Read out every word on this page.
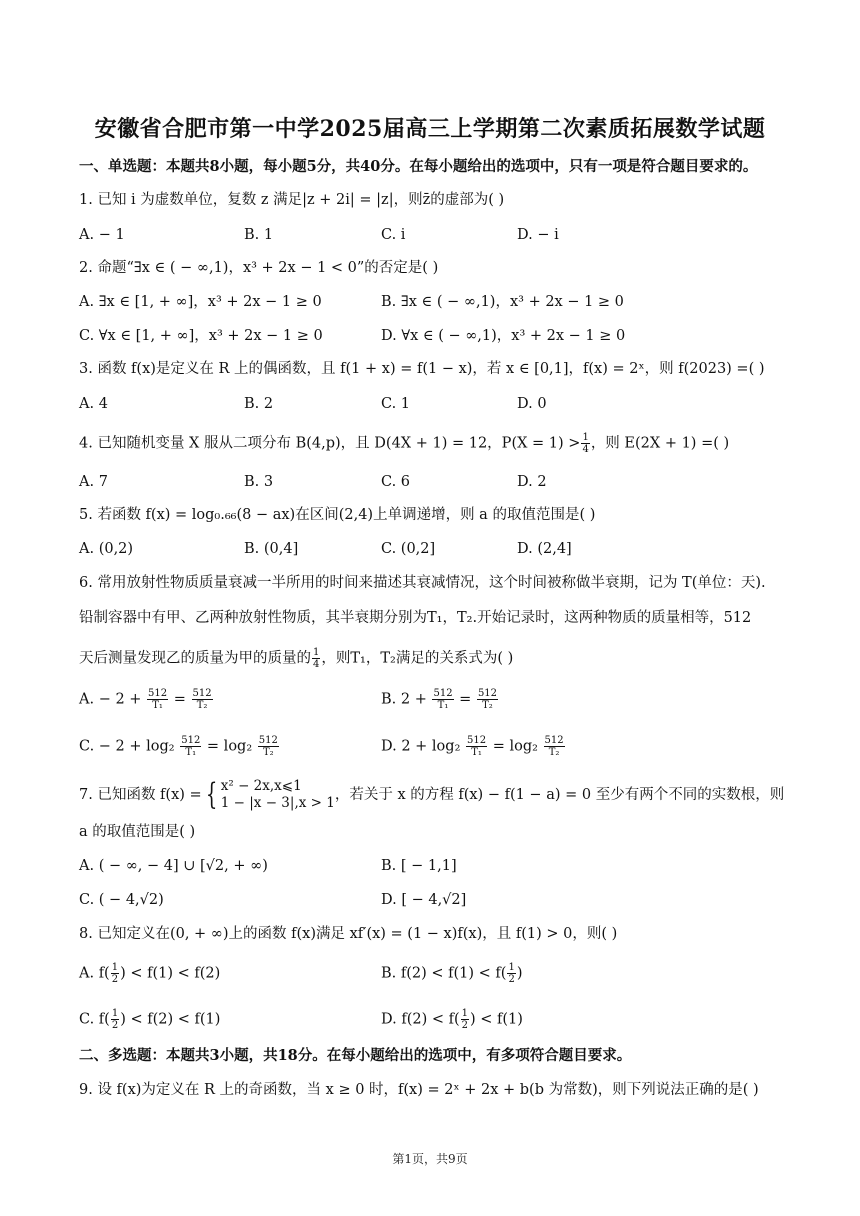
安徽省合肥市第一中学2025届高三上学期第二次素质拓展数学试题
一、单选题：本题共8小题，每小题5分，共40分。在每小题给出的选项中，只有一项是符合题目要求的。
1. 已知 i 为虚数单位，复数 z 满足|z + 2i| = |z|，则z̄的虚部为( )
A. − 1	B. 1	C. i	D. − i
2. 命题“∃x ∈ ( − ∞,1)，x³ + 2x − 1 < 0”的否定是( )
A. ∃x ∈ [1, + ∞]，x³ + 2x − 1 ≥ 0	B. ∃x ∈ ( − ∞,1)，x³ + 2x − 1 ≥ 0
C. ∀x ∈ [1, + ∞]，x³ + 2x − 1 ≥ 0	D. ∀x ∈ ( − ∞,1)，x³ + 2x − 1 ≥ 0
3. 函数 f(x)是定义在 R 上的偶函数，且 f(1 + x) = f(1 − x)，若 x ∈ [0,1]，f(x) = 2ˣ，则 f(2023) =( )
A. 4	B. 2	C. 1	D. 0
4. 已知随机变量 X 服从二项分布 B(4,p)，且 D(4X + 1) = 12，$P(X = 1) > \frac{1}{4}$ ，则 E(2X + 1) =( )
A. 7	B. 3	C. 6	D. 2
5. 若函数 f(x) = log₀.₆₆(8 − ax)在区间(2,4)上单调递增，则 a 的取值范围是( )
A. (0,2)	B. (0,4]	C. (0,2]	D. (2,4]
6. 常用放射性物质质量衰减一半所用的时间来描述其衰减情况，这个时间被称做半衰期，记为 T(单位：天).
铅制容器中有甲、乙两种放射性物质，其半衰期分别为T₁，T₂.开始记录时，这两种物质的质量相等，512
天后测量发现乙的质量为甲的质量的 $\frac{1}{4}$ ，则T₁，T₂满足的关系式为( )
A. − $2 + \frac{512}{\text{T₁}} = \frac{512}{\text{T₂}}$	B. $2 + \frac{512}{\text{T₁}} = \frac{512}{\text{T₂}}$
C. − $2 + \log_2 \frac{512}{\text{T₁}} = \log_2 \frac{512}{\text{T₂}}$	D. $2 + \log_2 \frac{512}{\text{T₁}} = \log_2 \frac{512}{\text{T₂}}$
7. 已知函数 f(x) = { x² − 2x,x⩽1
1 − |x − 3|,x > 1 ，若关于 x 的方程 f(x) − f(1 − a) = 0 至少有两个不同的实数根，则
a 的取值范围是( )
A. ( − ∞, − 4] ∪ [√2, + ∞)	B. [ − 1,1]
C. ( − 4,√2)	D. [ − 4,√2]
8. 已知定义在(0, + ∞)上的函数 f(x)满足 xf′(x) = (1 − x)f(x)，且 f(1) > 0，则( )
A. $f( \frac{1}{2}$ ) < f(1) < f(2)	B. $f(2) < f(1) < f( \frac{1}{2}$ )
C. $f( \frac{1}{2}$ ) < f(2) < f(1)	D. $f(2) < f( \frac{1}{2}$ ) < f(1)
二、多选题：本题共3小题，共18分。在每小题给出的选项中，有多项符合题目要求。
9. 设 f(x)为定义在 R 上的奇函数，当 x ≥ 0 时，f(x) = 2ˣ + 2x + b(b 为常数)，则下列说法正确的是( )
第1页，共9页
